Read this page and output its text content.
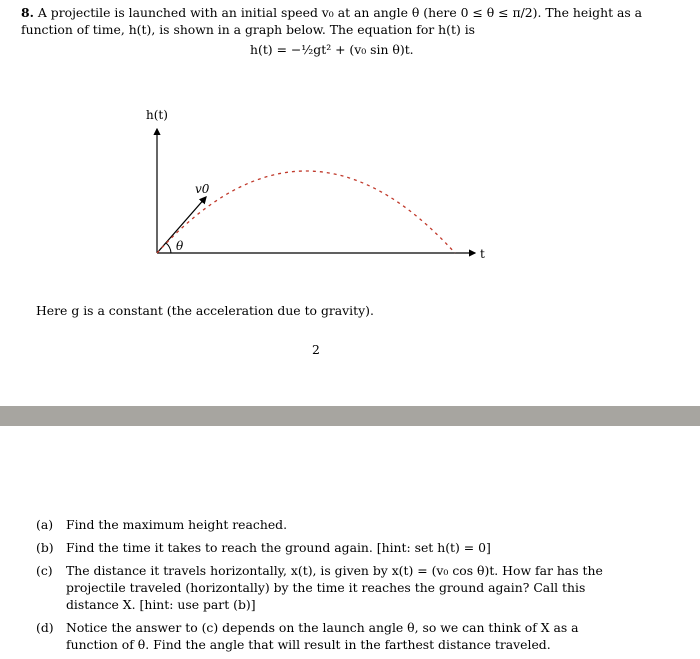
8. A projectile is launched with an initial speed v₀ at an angle θ (here 0 ≤ θ ≤ π/2). The height as a function of time, h(t), is shown in a graph below. The equation for h(t) is
h(t) = −½gt² + (v₀ sin θ)t.
h(t)
t
v0
θ
Here g is a constant (the acceleration due to gravity).
2
(a)	Find the maximum height reached.
(b) Find the time it takes to reach the ground again. [hint: set h(t) = 0]
(c)	The distance it travels horizontally, x(t), is given by x(t) = (v₀ cos θ)t. How far has the projectile traveled (horizontally) by the time it reaches the ground again? Call this distance X. [hint: use part (b)]
(d) Notice the answer to (c) depends on the launch angle θ, so we can think of X as a function of θ. Find the angle that will result in the farthest distance traveled.
